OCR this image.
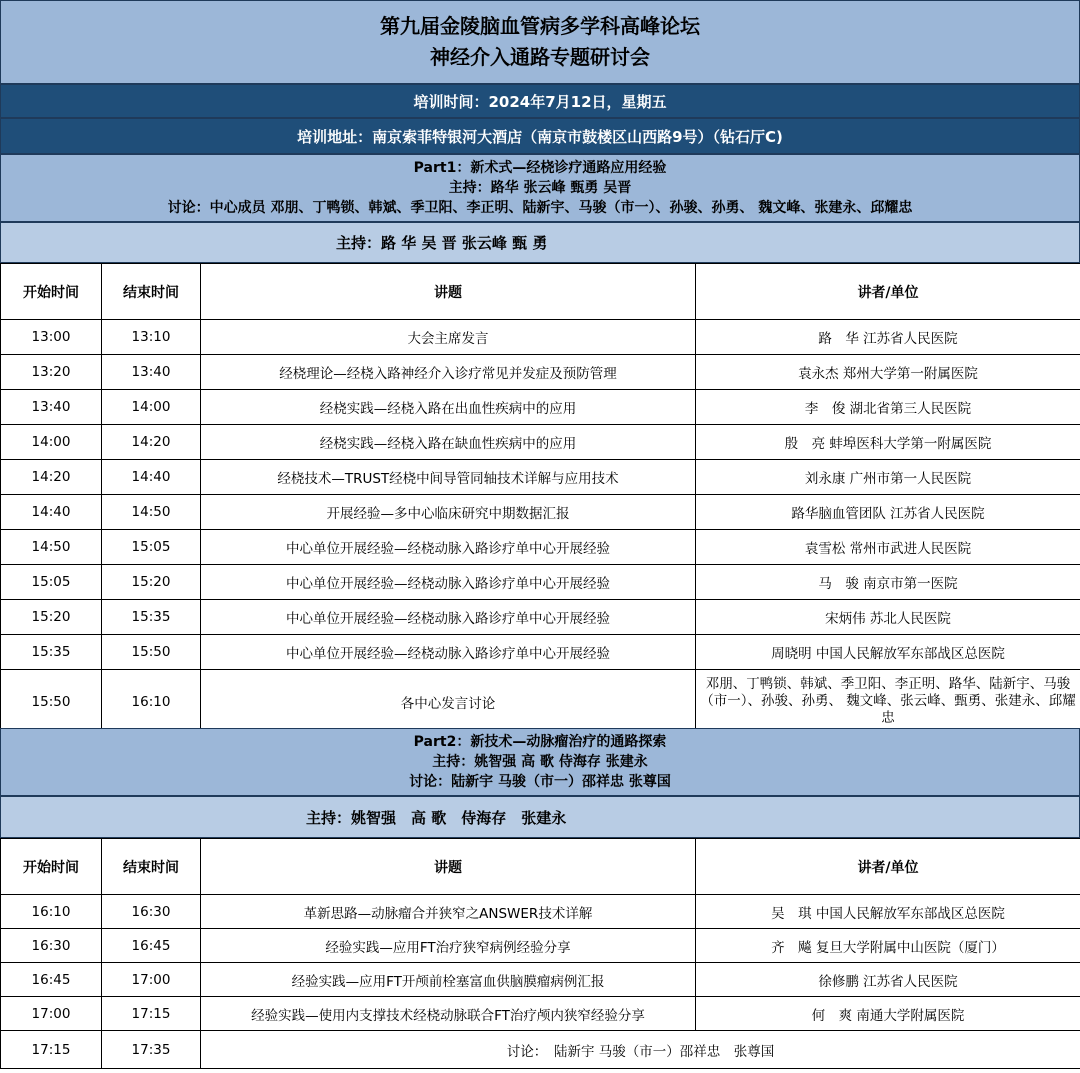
第九届金陵脑血管病多学科高峰论坛
神经介入通路专题研讨会
培训时间：2024年7月12日，星期五
培训地址：南京索菲特银河大酒店（南京市鼓楼区山西路9号）（钻石厅C)
Part1：新术式—经桡诊疗通路应用经验
主持：路华 张云峰 甄勇 吴晋
讨论：中心成员 邓朋、丁鸭锁、韩斌、季卫阳、李正明、陆新宇、马骏（市一）、孙骏、孙勇、 魏文峰、张建永、邱耀忠
主持：路 华 吴 晋 张云峰 甄 勇
开始时间	结束时间	讲题	讲者/单位
13:00	13:10	大会主席发言	路　华 江苏省人民医院
13:20	13:40	经桡理论—经桡入路神经介入诊疗常见并发症及预防管理	袁永杰 郑州大学第一附属医院
13:40	14:00	经桡实践—经桡入路在出血性疾病中的应用	李　俊 湖北省第三人民医院
14:00	14:20	经桡实践—经桡入路在缺血性疾病中的应用	殷　亮 蚌埠医科大学第一附属医院
14:20	14:40	经桡技术—TRUST经桡中间导管同轴技术详解与应用技术	刘永康 广州市第一人民医院
14:40	14:50	开展经验—多中心临床研究中期数据汇报	路华脑血管团队 江苏省人民医院
14:50	15:05	中心单位开展经验—经桡动脉入路诊疗单中心开展经验	袁雪松 常州市武进人民医院
15:05	15:20	中心单位开展经验—经桡动脉入路诊疗单中心开展经验	马　骏 南京市第一医院
15:20	15:35	中心单位开展经验—经桡动脉入路诊疗单中心开展经验	宋炳伟 苏北人民医院
15:35	15:50	中心单位开展经验—经桡动脉入路诊疗单中心开展经验	周晓明 中国人民解放军东部战区总医院
15:50	16:10	各中心发言讨论	邓朋、丁鸭锁、韩斌、季卫阳、李正明、路华、陆新宇、马骏（市一）、孙骏、孙勇、 魏文峰、张云峰、甄勇、张建永、邱耀忠
Part2：新技术—动脉瘤治疗的通路探索
主持：姚智强 高 歌 侍海存 张建永
讨论：陆新宇 马骏（市一）邵祥忠 张尊国
主持：姚智强　高 歌　侍海存　张建永
开始时间	结束时间	讲题	讲者/单位
16:10	16:30	革新思路—动脉瘤合并狭窄之ANSWER技术详解	吴　琪 中国人民解放军东部战区总医院
16:30	16:45	经验实践—应用FT治疗狭窄病例经验分享	齐　飚 复旦大学附属中山医院（厦门）
16:45	17:00	经验实践—应用FT开颅前栓塞富血供脑膜瘤病例汇报	徐修鹏 江苏省人民医院
17:00	17:15	经验实践—使用内支撑技术经桡动脉联合FT治疗颅内狭窄经验分享	何　爽 南通大学附属医院
17:15	17:35	讨论：　陆新宇 马骏（市一）邵祥忠　张尊国	
